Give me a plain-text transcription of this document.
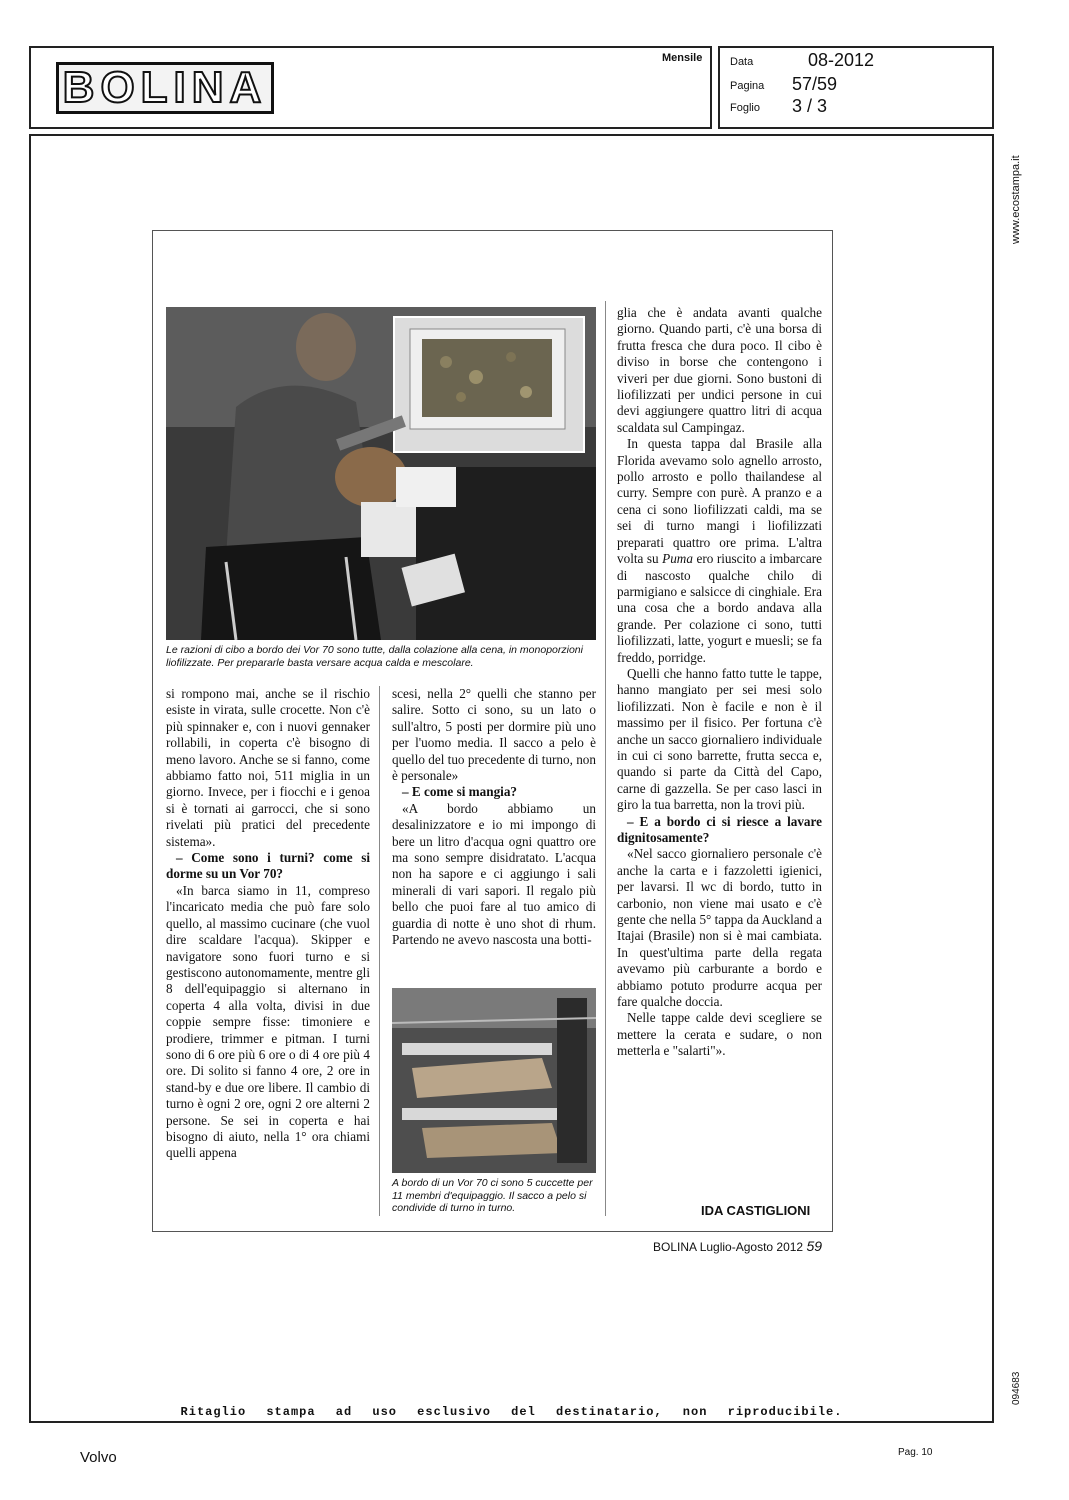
BOLINA
Mensile	Data	08-2012
Pagina 57/59
Foglio 3 / 3
www.ecostampa.it
094683
Ritaglio stampa ad uso esclusivo del destinatario, non riproducibile.
Volvo	Pag. 10
Le razioni di cibo a bordo dei Vor 70 sono tutte, dalla colazione alla cena, in monoporzioni liofilizzate. Per prepararle basta versare acqua calda e mescolare.

si rompono mai, anche se il rischio esiste in virata, sulle crocette. Non c'è più spinnaker e, con i nuovi gennaker rollabili, in coperta c'è bisogno di meno lavoro. Anche se si fanno, come abbiamo fatto noi, 511 miglia in un giorno. Invece, per i fiocchi e i genoa si è tornati ai garrocci, che si sono rivelati più pratici del precedente sistema».

– Come sono i turni? come si dorme su un Vor 70?

«In barca siamo in 11, compreso l'incaricato media che può fare solo quello, al massimo cucinare (che vuol dire scaldare l'acqua). Skipper e navigatore sono fuori turno e si gestiscono autonomamente, mentre gli 8 dell'equipaggio si alternano in coperta 4 alla volta, divisi in due coppie sempre fisse: timoniere e prodiere, trimmer e pitman. I turni sono di 6 ore più 6 ore o di 4 ore più 4 ore. Di solito si fanno 4 ore, 2 ore in stand-by e due ore libere. Il cambio di turno è ogni 2 ore, ogni 2 ore alterni 2 persone. Se sei in coperta e hai bisogno di aiuto, nella 1° ora chiami quelli appena

scesi, nella 2° quelli che stanno per salire. Sotto ci sono, su un lato o sull'altro, 5 posti per dormire più uno per l'uomo media. Il sacco a pelo è quello del tuo precedente di turno, non è personale»

– E come si mangia?

«A bordo abbiamo un desalinizzatore e io mi impongo di bere un litro d'acqua ogni quattro ore ma sono sempre disidratato. L'acqua non ha sapore e ci aggiungo i sali minerali di vari sapori. Il regalo più bello che puoi fare al tuo amico di guardia di notte è uno shot di rhum. Partendo ne avevo nascosta una botti-

A bordo di un Vor 70 ci sono 5 cuccette per 11 membri d'equipaggio. Il sacco a pelo si condivide di turno in turno.

glia che è andata avanti qualche giorno. Quando parti, c'è una borsa di frutta fresca che dura poco. Il cibo è diviso in borse che contengono i viveri per due giorni. Sono bustoni di liofilizzati per undici persone in cui devi aggiungere quattro litri di acqua scaldata sul Campingaz.

In questa tappa dal Brasile alla Florida avevamo solo agnello arrosto, pollo arrosto e pollo thailandese al curry. Sempre con purè. A pranzo e a cena ci sono liofilizzati caldi, ma se sei di turno mangi i liofilizzati preparati quattro ore prima. L'altra volta su Puma ero riuscito a imbarcare di nascosto qualche chilo di parmigiano e salsicce di cinghiale. Era una cosa che a bordo andava alla grande. Per colazione ci sono, tutti liofilizzati, latte, yogurt e muesli; se fa freddo, porridge.

Quelli che hanno fatto tutte le tappe, hanno mangiato per sei mesi solo liofilizzati. Non è facile e non è il massimo per il fisico. Per fortuna c'è anche un sacco giornaliero individuale in cui ci sono barrette, frutta secca e, quando si parte da Città del Capo, carne di gazzella. Se per caso lasci in giro la tua barretta, non la trovi più.

– E a bordo ci si riesce a lavare dignitosamente?

«Nel sacco giornaliero personale c'è anche la carta e i fazzoletti igienici, per lavarsi. Il wc di bordo, tutto in carbonio, non viene mai usato e c'è gente che nella 5° tappa da Auckland a Itajai (Brasile) non si è mai cambiata. In quest'ultima parte della regata avevamo più carburante a bordo e abbiamo potuto produrre acqua per fare qualche doccia.

Nelle tappe calde devi scegliere se mettere la cerata e sudare, o non metterla e "salarti"».

IDA CASTIGLIONI
BOLINA Luglio-Agosto 2012 59
